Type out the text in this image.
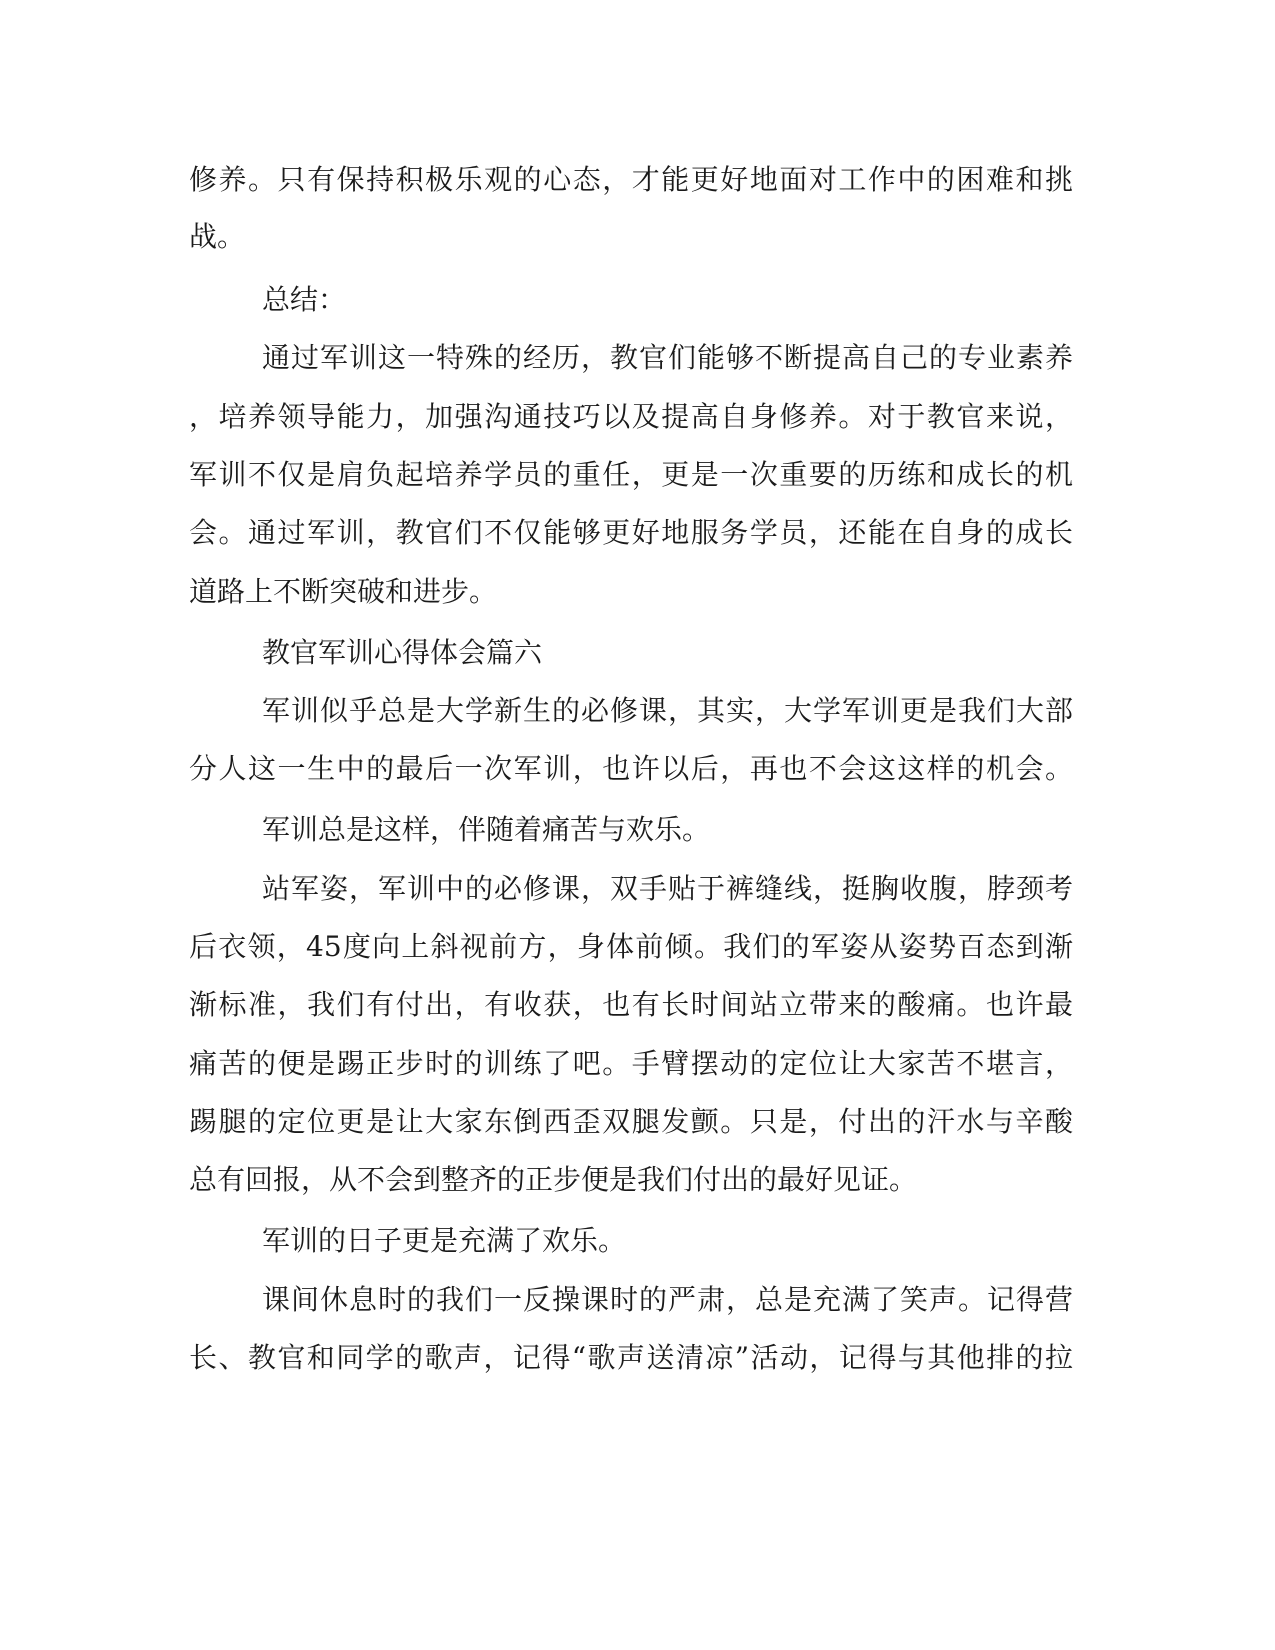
修养。只有保持积极乐观的心态，才能更好地面对工作中的困难和挑
战。
总结：
通过军训这一特殊的经历，教官们能够不断提高自己的专业素养
，培养领导能力，加强沟通技巧以及提高自身修养。对于教官来说，
军训不仅是肩负起培养学员的重任，更是一次重要的历练和成长的机
会。通过军训，教官们不仅能够更好地服务学员，还能在自身的成长
道路上不断突破和进步。
教官军训心得体会篇六
军训似乎总是大学新生的必修课，其实，大学军训更是我们大部
分人这一生中的最后一次军训，也许以后，再也不会这这样的机会。
军训总是这样，伴随着痛苦与欢乐。
站军姿，军训中的必修课，双手贴于裤缝线，挺胸收腹，脖颈考
后衣领，45度向上斜视前方，身体前倾。我们的军姿从姿势百态到渐
渐标准，我们有付出，有收获，也有长时间站立带来的酸痛。也许最
痛苦的便是踢正步时的训练了吧。手臂摆动的定位让大家苦不堪言，
踢腿的定位更是让大家东倒西歪双腿发颤。只是，付出的汗水与辛酸
总有回报，从不会到整齐的正步便是我们付出的最好见证。
军训的日子更是充满了欢乐。
课间休息时的我们一反操课时的严肃，总是充满了笑声。记得营
长、教官和同学的歌声，记得“歌声送清凉”活动，记得与其他排的拉
